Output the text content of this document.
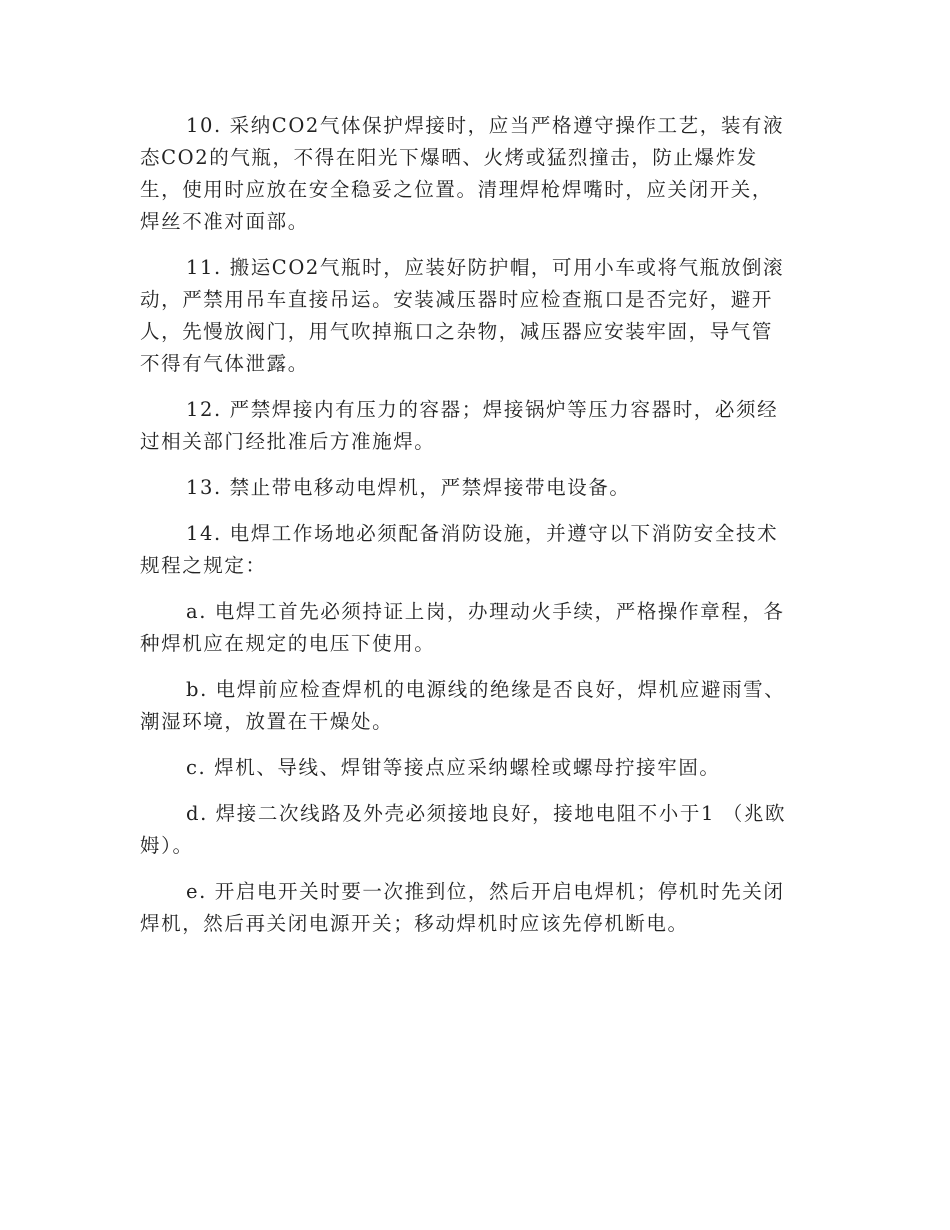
10. 采纳CO2气体保护焊接时，应当严格遵守操作工艺，装有液
态CO2的气瓶，不得在阳光下爆晒、火烤或猛烈撞击，防止爆炸发
生，使用时应放在安全稳妥之位置。清理焊枪焊嘴时，应关闭开关，
焊丝不准对面部。

11. 搬运CO2气瓶时，应装好防护帽，可用小车或将气瓶放倒滚
动，严禁用吊车直接吊运。安装减压器时应检查瓶口是否完好，避开
人，先慢放阀门，用气吹掉瓶口之杂物，减压器应安装牢固，导气管
不得有气体泄露。

12. 严禁焊接内有压力的容器；焊接锅炉等压力容器时，必须经
过相关部门经批准后方准施焊。

13. 禁止带电移动电焊机，严禁焊接带电设备。

14. 电焊工作场地必须配备消防设施，并遵守以下消防安全技术
规程之规定：

a. 电焊工首先必须持证上岗，办理动火手续，严格操作章程，各
种焊机应在规定的电压下使用。

b. 电焊前应检查焊机的电源线的绝缘是否良好，焊机应避雨雪、
潮湿环境，放置在干燥处。

c. 焊机、导线、焊钳等接点应采纳螺栓或螺母拧接牢固。

d. 焊接二次线路及外壳必须接地良好，接地电阻不小于1 （兆欧
姆）。

e. 开启电开关时要一次推到位，然后开启电焊机；停机时先关闭
焊机，然后再关闭电源开关；移动焊机时应该先停机断电。
